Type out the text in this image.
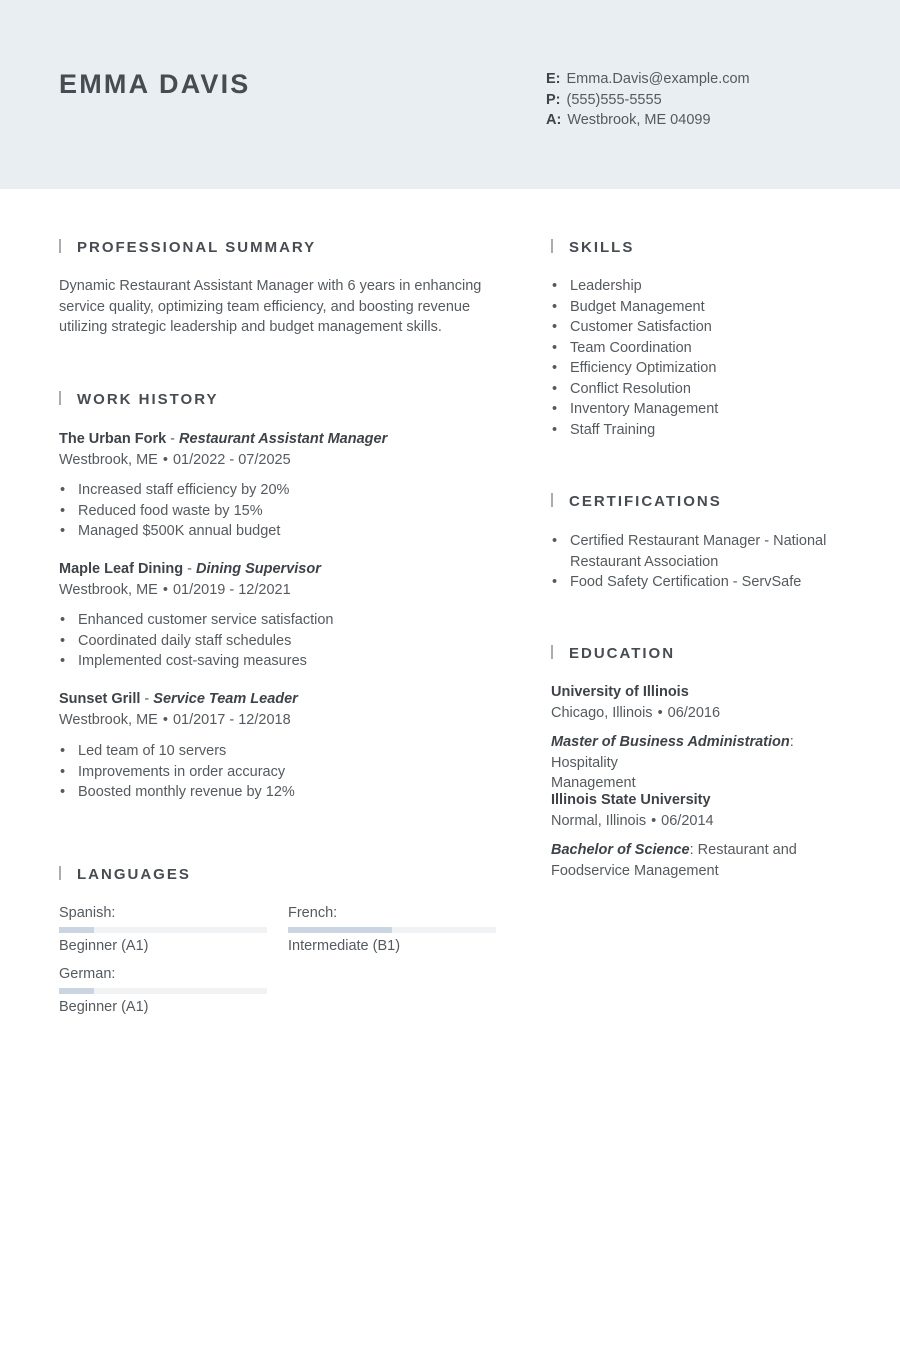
EMMA DAVIS	E: Emma.Davis@example.com
P: (555)555-5555
A: Westbrook, ME 04099
PROFESSIONAL SUMMARY
Dynamic Restaurant Assistant Manager with 6 years in enhancing
service quality, optimizing team efficiency, and boosting revenue
utilizing strategic leadership and budget management skills.
WORK HISTORY
The Urban Fork - Restaurant Assistant Manager
Westbrook, ME • 01/2022 - 07/2025
• Increased staff efficiency by 20%
• Reduced food waste by 15%
• Managed $500K annual budget
Maple Leaf Dining - Dining Supervisor
Westbrook, ME • 01/2019 - 12/2021
• Enhanced customer service satisfaction
• Coordinated daily staff schedules
• Implemented cost-saving measures
Sunset Grill - Service Team Leader
Westbrook, ME • 01/2017 - 12/2018
• Led team of 10 servers
• Improvements in order accuracy
• Boosted monthly revenue by 12%
LANGUAGES
Spanish:
Beginner (A1)
French:
Intermediate (B1)
German:
Beginner (A1)
SKILLS
• Leadership
• Budget Management
• Customer Satisfaction
• Team Coordination
• Efficiency Optimization
• Conflict Resolution
• Inventory Management
• Staff Training
CERTIFICATIONS
• Certified Restaurant Manager - National
Restaurant Association
• Food Safety Certification - ServSafe
EDUCATION
University of Illinois
Chicago, Illinois • 06/2016
Master of Business Administration: Hospitality
Management
Illinois State University
Normal, Illinois • 06/2014
Bachelor of Science: Restaurant and
Foodservice Management
